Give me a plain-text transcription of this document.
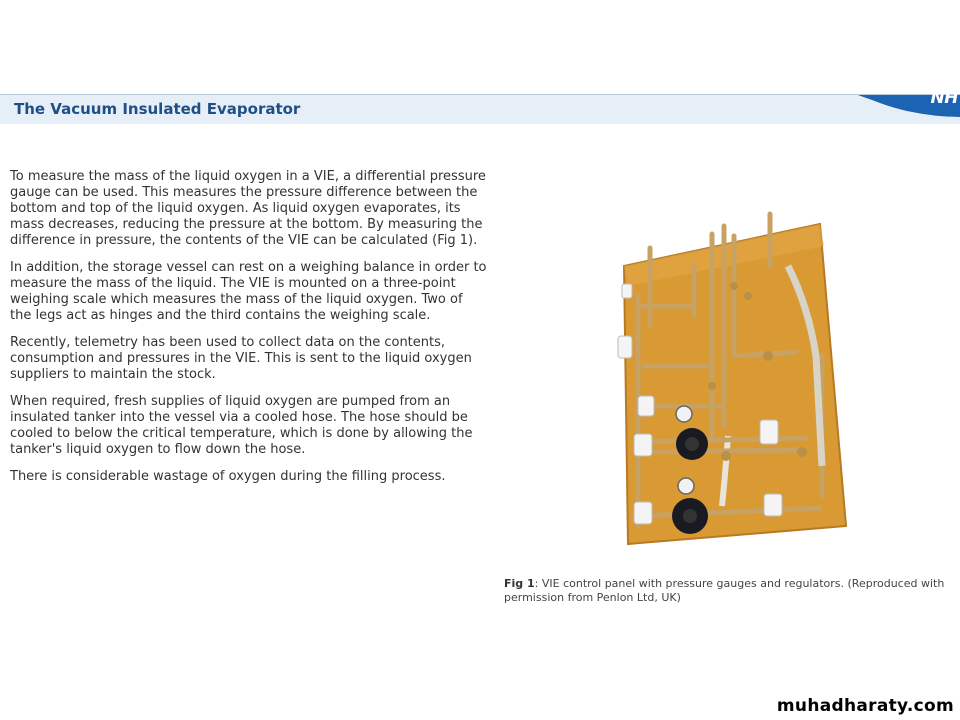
The Vacuum Insulated Evaporator
NH

To measure the mass of the liquid oxygen in a VIE, a differential pressure gauge can be used. This measures the pressure difference between the bottom and top of the liquid oxygen. As liquid oxygen evaporates, its mass decreases, reducing the pressure at the bottom. By measuring the difference in pressure, the contents of the VIE can be calculated (Fig 1).

In addition, the storage vessel can rest on a weighing balance in order to measure the mass of the liquid. The VIE is mounted on a three-point weighing scale which measures the mass of the liquid oxygen. Two of the legs act as hinges and the third contains the weighing scale.

Recently, telemetry has been used to collect data on the contents, consumption and pressures in the VIE. This is sent to the liquid oxygen suppliers to maintain the stock.

When required, fresh supplies of liquid oxygen are pumped from an insulated tanker into the vessel via a cooled hose. The hose should be cooled to below the critical temperature, which is done by allowing the tanker's liquid oxygen to flow down the hose.

There is considerable wastage of oxygen during the filling process.

Fig 1: VIE control panel with pressure gauges and regulators. (Reproduced with permission from Penlon Ltd, UK)
muhadharaty.com
